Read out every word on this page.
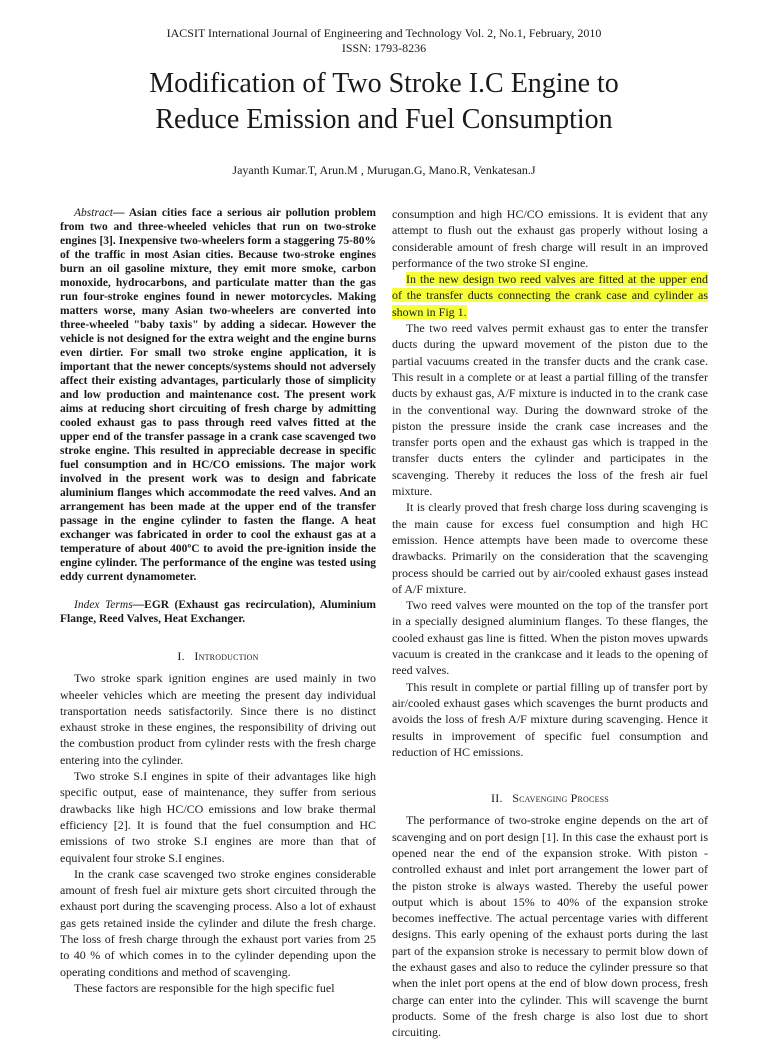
IACSIT International Journal of Engineering and Technology Vol. 2, No.1, February, 2010
ISSN: 1793-8236
Modification of Two Stroke I.C Engine to
Reduce Emission and Fuel Consumption
Jayanth Kumar.T, Arun.M , Murugan.G, Mano.R, Venkatesan.J

Abstract— Asian cities face a serious air pollution problem from two and three-wheeled vehicles that run on two-stroke engines [3]. Inexpensive two-wheelers form a staggering 75-80% of the traffic in most Asian cities. Because two-stroke engines burn an oil gasoline mixture, they emit more smoke, carbon monoxide, hydrocarbons, and particulate matter than the gas run four-stroke engines found in newer motorcycles. Making matters worse, many Asian two-wheelers are converted into three-wheeled "baby taxis" by adding a sidecar. However the vehicle is not designed for the extra weight and the engine burns even dirtier. For small two stroke engine application, it is important that the newer concepts/systems should not adversely affect their existing advantages, particularly those of simplicity and low production and maintenance cost. The present work aims at reducing short circuiting of fresh charge by admitting cooled exhaust gas to pass through reed valves fitted at the upper end of the transfer passage in a crank case scavenged two stroke engine. This resulted in appreciable decrease in specific fuel consumption and in HC/CO emissions. The major work involved in the present work was to design and fabricate aluminium flanges which accommodate the reed valves. And an arrangement has been made at the upper end of the transfer passage in the engine cylinder to fasten the flange. A heat exchanger was fabricated in order to cool the exhaust gas at a temperature of about 400ºC to avoid the pre-ignition inside the engine cylinder. The performance of the engine was tested using eddy current dynamometer.

Index Terms—EGR (Exhaust gas recirculation), Aluminium Flange, Reed Valves, Heat Exchanger.

I. Introduction

Two stroke spark ignition engines are used mainly in two wheeler vehicles which are meeting the present day individual transportation needs satisfactorily. Since there is no distinct exhaust stroke in these engines, the responsibility of driving out the combustion product from cylinder rests with the fresh charge entering into the cylinder.

Two stroke S.I engines in spite of their advantages like high specific output, ease of maintenance, they suffer from serious drawbacks like high HC/CO emissions and low brake thermal efficiency [2]. It is found that the fuel consumption and HC emissions of two stroke S.I engines are more than that of equivalent four stroke S.I engines.

In the crank case scavenged two stroke engines considerable amount of fresh fuel air mixture gets short circuited through the exhaust port during the scavenging process. Also a lot of exhaust gas gets retained inside the cylinder and dilute the fresh charge. The loss of fresh charge through the exhaust port varies from 25 to 40 % of which comes in to the cylinder depending upon the operating conditions and method of scavenging.

These factors are responsible for the high specific fuel

consumption and high HC/CO emissions. It is evident that any attempt to flush out the exhaust gas properly without losing a considerable amount of fresh charge will result in an improved performance of the two stroke SI engine.

In the new design two reed valves are fitted at the upper end of the transfer ducts connecting the crank case and cylinder as shown in Fig 1.

The two reed valves permit exhaust gas to enter the transfer ducts during the upward movement of the piston due to the partial vacuums created in the transfer ducts and the crank case. This result in a complete or at least a partial filling of the transfer ducts by exhaust gas, A/F mixture is inducted in to the crank case in the conventional way. During the downward stroke of the piston the pressure inside the crank case increases and the transfer ports open and the exhaust gas which is trapped in the transfer ducts enters the cylinder and participates in the scavenging. Thereby it reduces the loss of the fresh air fuel mixture.

It is clearly proved that fresh charge loss during scavenging is the main cause for excess fuel consumption and high HC emission. Hence attempts have been made to overcome these drawbacks. Primarily on the consideration that the scavenging process should be carried out by air/cooled exhaust gases instead of A/F mixture.

Two reed valves were mounted on the top of the transfer port in a specially designed aluminium flanges. To these flanges, the cooled exhaust gas line is fitted. When the piston moves upwards vacuum is created in the crankcase and it leads to the opening of reed valves.

This result in complete or partial filling up of transfer port by air/cooled exhaust gases which scavenges the burnt products and avoids the loss of fresh A/F mixture during scavenging. Hence it results in improvement of specific fuel consumption and reduction of HC emissions.

II. Scavenging Process

The performance of two-stroke engine depends on the art of scavenging and on port design [1]. In this case the exhaust port is opened near the end of the expansion stroke. With piston - controlled exhaust and inlet port arrangement the lower part of the piston stroke is always wasted. Thereby the useful power output which is about 15% to 40% of the expansion stroke becomes ineffective. The actual percentage varies with different designs. This early opening of the exhaust ports during the last part of the expansion stroke is necessary to permit blow down of the exhaust gases and also to reduce the cylinder pressure so that when the inlet port opens at the end of blow down process, fresh charge can enter into the cylinder. This will scavenge the burnt products. Some of the fresh charge is also lost due to short circuiting.
